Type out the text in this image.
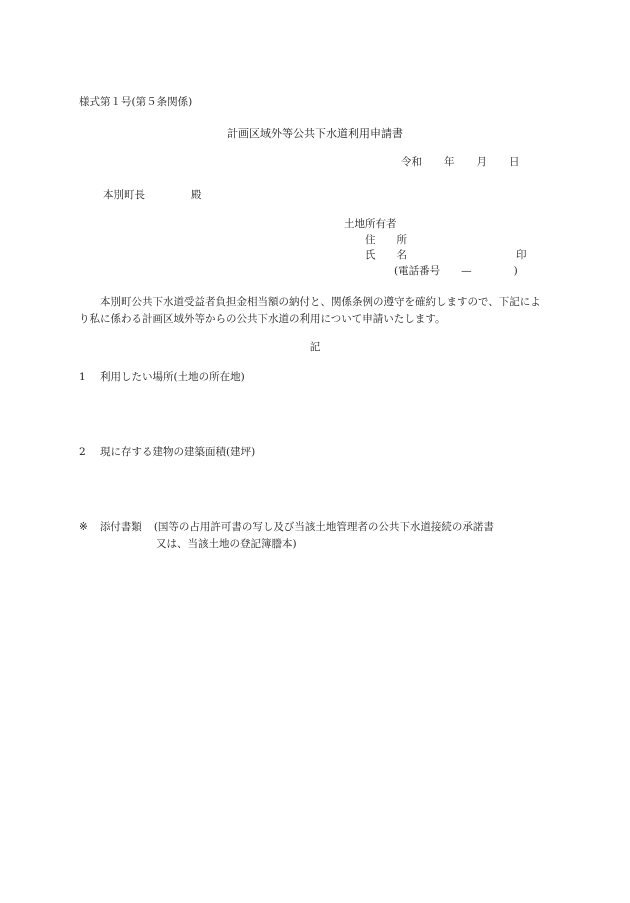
様式第１号(第５条関係)
計画区域外等公共下水道利用申請書
令和 年 月 日
本別町長	殿
土地所有者
住　　所
氏　　名	印
(電話番号　　—　　　　)
本別町公共下水道受益者負担金相当額の納付と、関係条例の遵守を確約しますので、下記により私に係わる計画区域外等からの公共下水道の利用について申請いたします。
記
1 利用したい場所(土地の所在地)
2 現に存する建物の建築面積(建坪)
※ 添付書類 (国等の占用許可書の写し及び当該土地管理者の公共下水道接続の承諾書
又は、当該土地の登記簿謄本)
